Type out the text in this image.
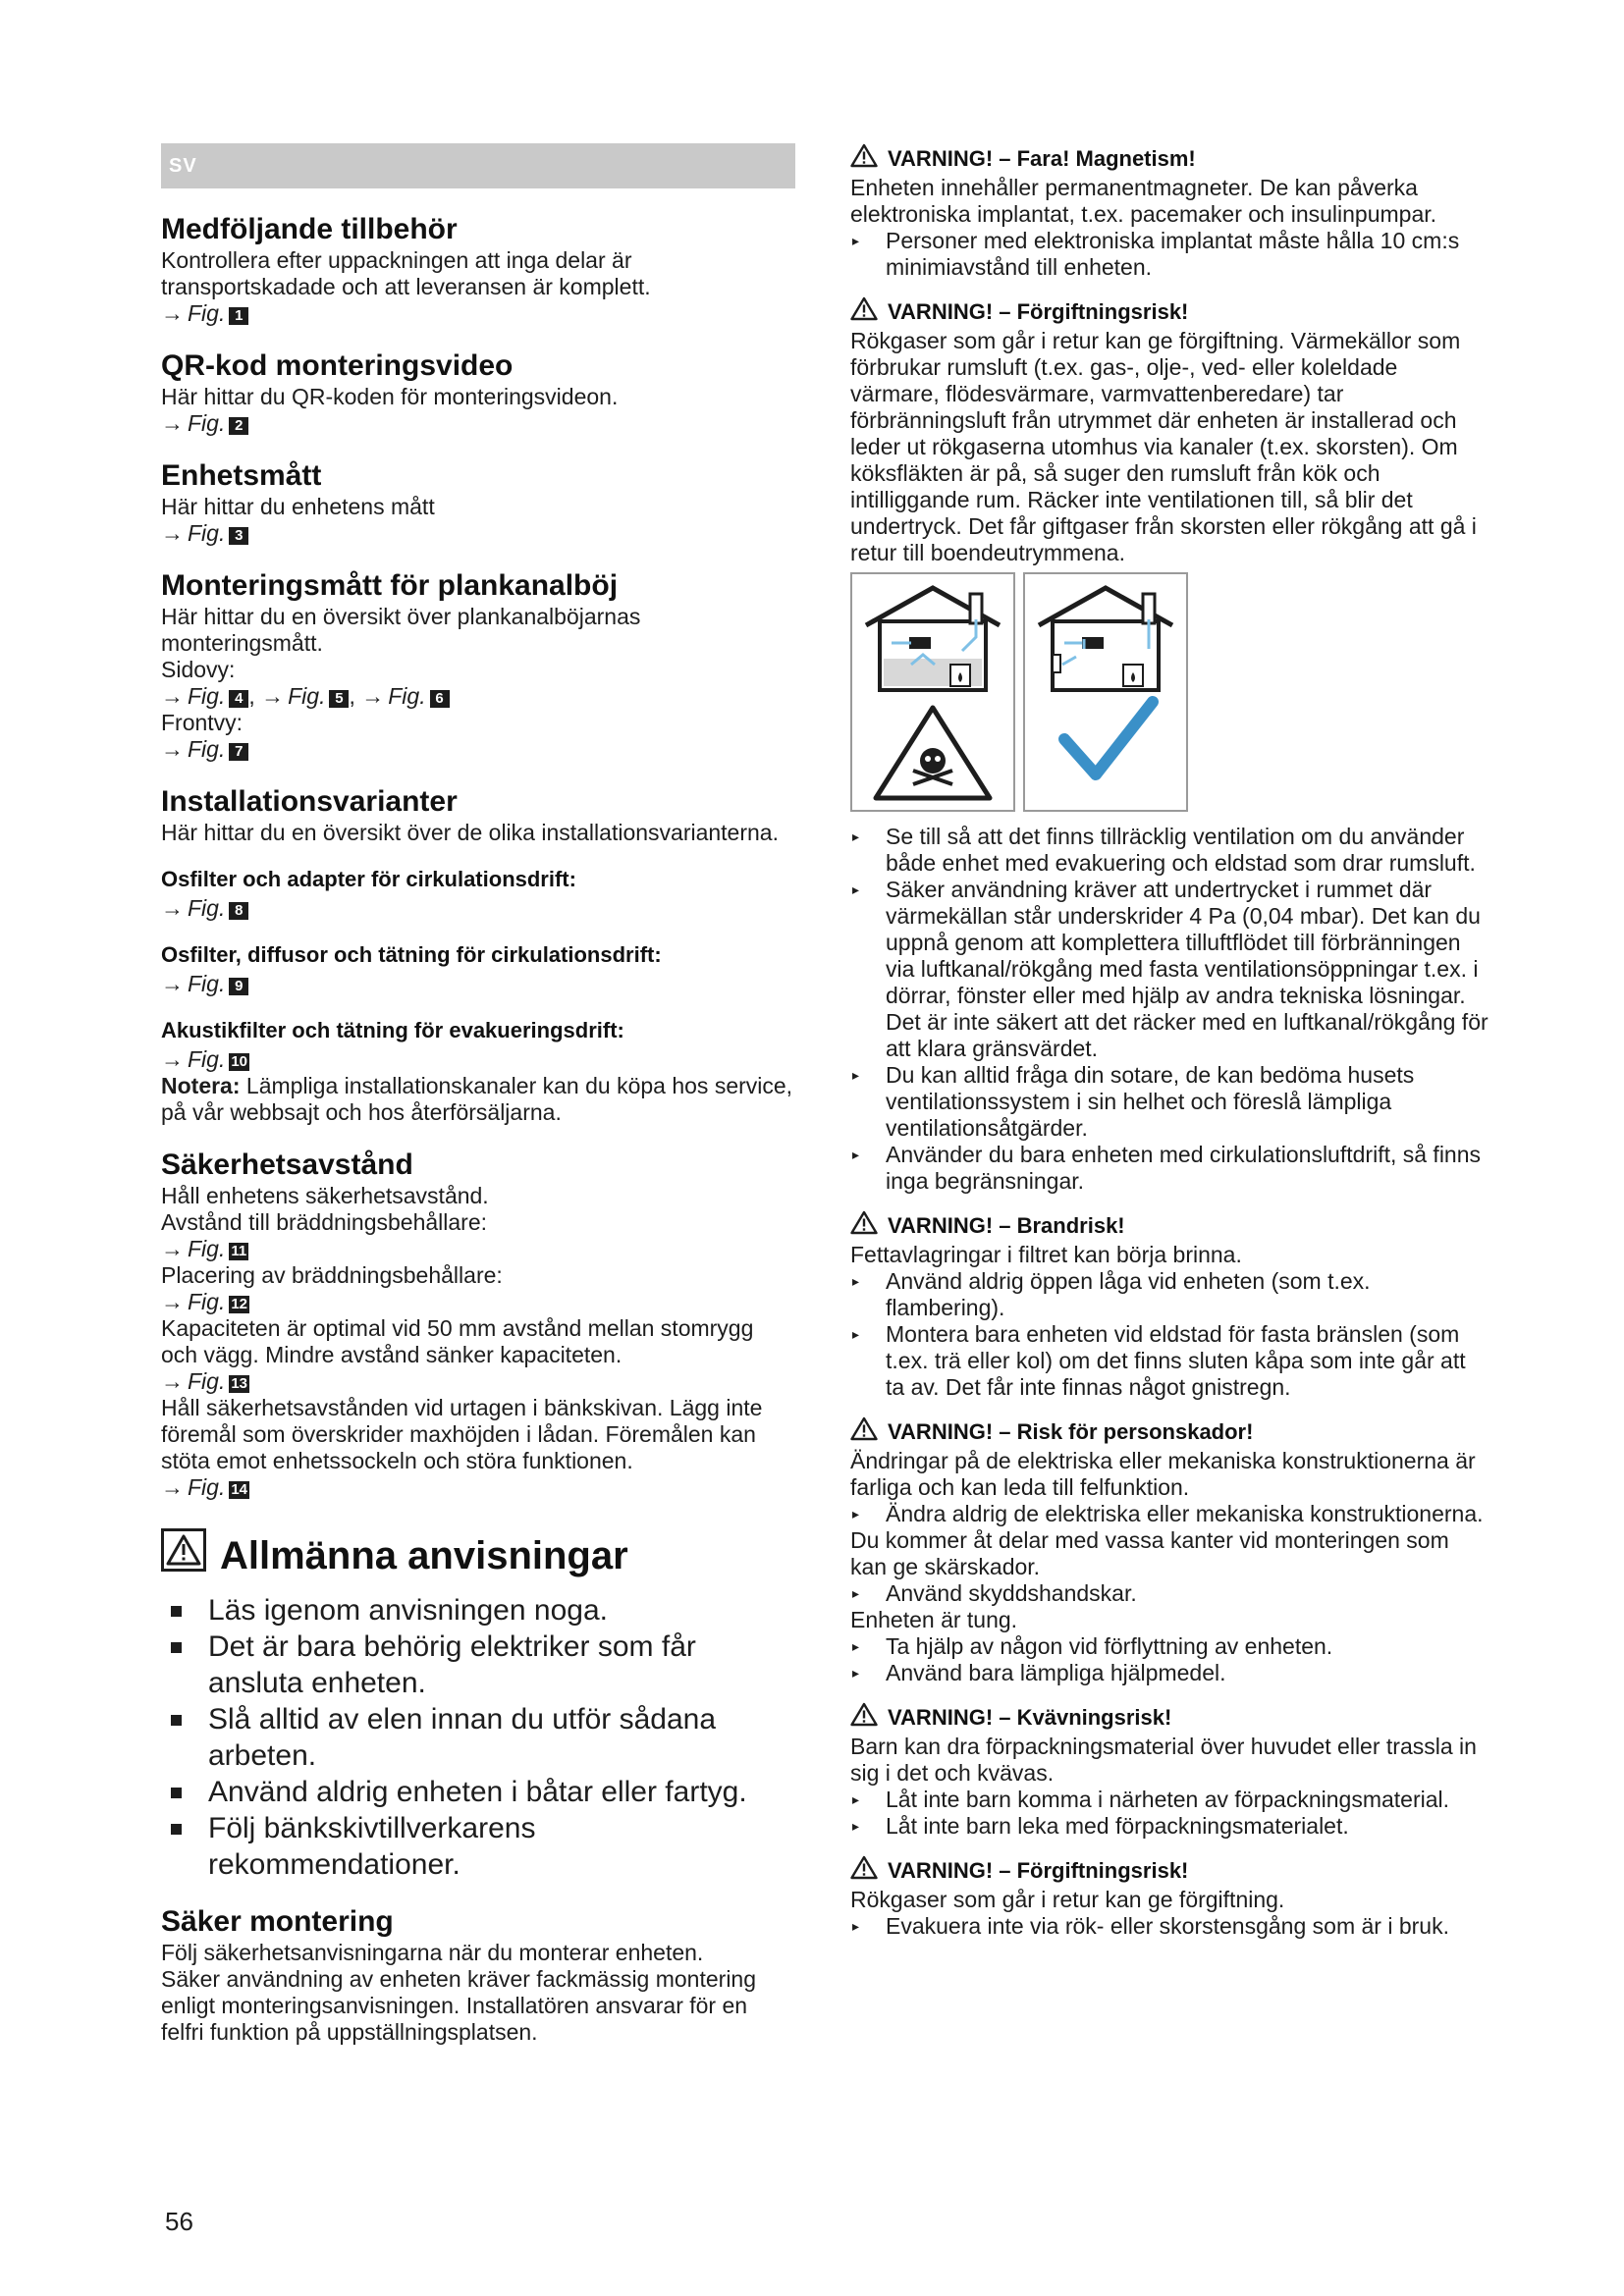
SV
Medföljande tillbehör

Kontrollera efter uppackningen att inga delar är transportskadade och att leveransen är komplett.

→ Fig. 1
QR-kod monteringsvideo

Här hittar du QR-koden för monteringsvideon.

→ Fig. 2
Enhetsmått

Här hittar du enhetens mått

→ Fig. 3
Monteringsmått för plankanalböj

Här hittar du en översikt över plankanalböjarnas monteringsmått.

Sidovy:

→ Fig. 4 , → Fig. 5 , → Fig. 6

Frontvy:

→ Fig. 7
Installationsvarianter

Här hittar du en översikt över de olika installationsvarianterna.

Osfilter och adapter för cirkulationsdrift:
→ Fig. 8
Osfilter, diffusor och tätning för cirkulationsdrift:
→ Fig. 9
Akustikfilter och tätning för evakueringsdrift:
→ Fig. 10

Notera: Lämpliga installationskanaler kan du köpa hos service, på vår webbsajt och hos återförsäljarna.

Säkerhetsavstånd

Håll enhetens säkerhetsavstånd.

Avstånd till bräddningsbehållare:

→ Fig. 11

Placering av bräddningsbehållare:

→ Fig. 12

Kapaciteten är optimal vid 50 mm avstånd mellan stomrygg och vägg. Mindre avstånd sänker kapaciteten.

→ Fig. 13

Håll säkerhetsavstånden vid urtagen i bänkskivan. Lägg inte föremål som överskrider maxhöjden i lådan. Föremålen kan stöta emot enhetssockeln och störa funktionen.

→ Fig. 14
Allmänna anvisningar
Läs igenom anvisningen noga.
Det är bara behörig elektriker som får ansluta enheten.
Slå alltid av elen innan du utför sådana arbeten.
Använd aldrig enheten i båtar eller fartyg.
Följ bänkskivtillverkarens rekommendationer.
Säker montering

Följ säkerhetsanvisningarna när du monterar enheten.

Säker användning av enheten kräver fackmässig montering enligt monteringsanvisningen. Installatören ansvarar för en felfri funktion på uppställningsplatsen.

VARNING! – Fara! Magnetism!

Enheten innehåller permanentmagneter. De kan påverka elektroniska implantat, t.ex. pacemaker och insulinpumpar.

▸ Personer med elektroniska implantat måste hålla 10 cm:s minimiavstånd till enheten.
VARNING! – Förgiftningsrisk!

Rökgaser som går i retur kan ge förgiftning. Värmekällor som förbrukar rumsluft (t.ex. gas-, olje-, ved- eller koleldade värmare, flödesvärmare, varmvattenberedare) tar förbränningsluft från utrymmet där enheten är installerad och leder ut rökgaserna utomhus via kanaler (t.ex. skorsten). Om köksfläkten är på, så suger den rumsluft från kök och intilliggande rum. Räcker inte ventilationen till, så blir det undertryck. Det får giftgaser från skorsten eller rökgång att gå i retur till boendeutrymmena.

▸ Se till så att det finns tillräcklig ventilation om du använder både enhet med evakuering och eldstad som drar rumsluft.
▸ Säker användning kräver att undertrycket i rummet där värmekällan står underskrider 4 Pa (0,04 mbar). Det kan du uppnå genom att komplettera tilluftflödet till förbränningen via luftkanal/rökgång med fasta ventilationsöppningar t.ex. i dörrar, fönster eller med hjälp av andra tekniska lösningar.
Det är inte säkert att det räcker med en luftkanal/rökgång för att klara gränsvärdet.
▸ Du kan alltid fråga din sotare, de kan bedöma husets ventilationssystem i sin helhet och föreslå lämpliga ventilationsåtgärder.
▸ Använder du bara enheten med cirkulationsluftdrift, så finns inga begränsningar.
VARNING! – Brandrisk!

Fettavlagringar i filtret kan börja brinna.

▸ Använd aldrig öppen låga vid enheten (som t.ex. flambering).
▸ Montera bara enheten vid eldstad för fasta bränslen (som t.ex. trä eller kol) om det finns sluten kåpa som inte går att ta av. Det får inte finnas något gnistregn.
VARNING! – Risk för personskador!

Ändringar på de elektriska eller mekaniska konstruktionerna är farliga och kan leda till felfunktion.

▸ Ändra aldrig de elektriska eller mekaniska konstruktionerna.

Du kommer åt delar med vassa kanter vid monteringen som kan ge skärskador.

▸ Använd skyddshandskar.

Enheten är tung.

▸ Ta hjälp av någon vid förflyttning av enheten.
▸ Använd bara lämpliga hjälpmedel.
VARNING! – Kvävningsrisk!

Barn kan dra förpackningsmaterial över huvudet eller trassla in sig i det och kvävas.

▸ Låt inte barn komma i närheten av förpackningsmaterial.
▸ Låt inte barn leka med förpackningsmaterialet.
VARNING! – Förgiftningsrisk!

Rökgaser som går i retur kan ge förgiftning.

▸ Evakuera inte via rök- eller skorstensgång som är i bruk.
56
